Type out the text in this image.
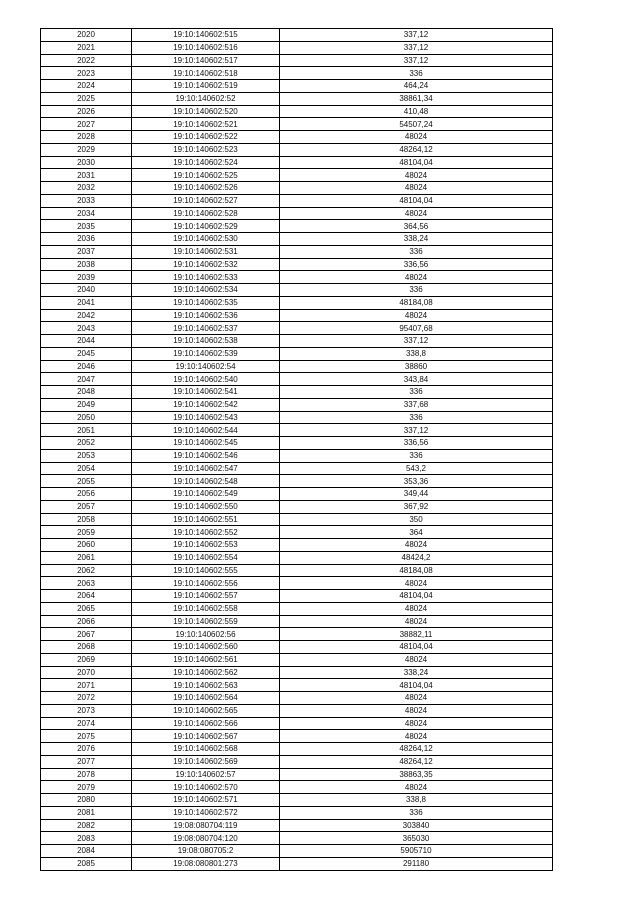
2020	19:10:140602:515	337,12
2021	19:10:140602:516	337,12
2022	19:10:140602:517	337,12
2023	19:10:140602:518	336
2024	19:10:140602:519	464,24
2025	19:10:140602:52	38861,34
2026	19:10:140602:520	410,48
2027	19:10:140602:521	54507,24
2028	19:10:140602:522	48024
2029	19:10:140602:523	48264,12
2030	19:10:140602:524	48104,04
2031	19:10:140602:525	48024
2032	19:10:140602:526	48024
2033	19:10:140602:527	48104,04
2034	19:10:140602:528	48024
2035	19:10:140602:529	364,56
2036	19:10:140602:530	338,24
2037	19:10:140602:531	336
2038	19:10:140602:532	336,56
2039	19:10:140602:533	48024
2040	19:10:140602:534	336
2041	19:10:140602:535	48184,08
2042	19:10:140602:536	48024
2043	19:10:140602:537	95407,68
2044	19:10:140602:538	337,12
2045	19:10:140602:539	338,8
2046	19:10:140602:54	38860
2047	19:10:140602:540	343,84
2048	19:10:140602:541	336
2049	19:10:140602:542	337,68
2050	19:10:140602:543	336
2051	19:10:140602:544	337,12
2052	19:10:140602:545	336,56
2053	19:10:140602:546	336
2054	19:10:140602:547	543,2
2055	19:10:140602:548	353,36
2056	19:10:140602:549	349,44
2057	19:10:140602:550	367,92
2058	19:10:140602:551	350
2059	19:10:140602:552	364
2060	19:10:140602:553	48024
2061	19:10:140602:554	48424,2
2062	19:10:140602:555	48184,08
2063	19:10:140602:556	48024
2064	19:10:140602:557	48104,04
2065	19:10:140602:558	48024
2066	19:10:140602:559	48024
2067	19:10:140602:56	38882,11
2068	19:10:140602:560	48104,04
2069	19:10:140602:561	48024
2070	19:10:140602:562	338,24
2071	19:10:140602:563	48104,04
2072	19:10:140602:564	48024
2073	19:10:140602:565	48024
2074	19:10:140602:566	48024
2075	19:10:140602:567	48024
2076	19:10:140602:568	48264,12
2077	19:10:140602:569	48264,12
2078	19:10:140602:57	38863,35
2079	19:10:140602:570	48024
2080	19:10:140602:571	338,8
2081	19:10:140602:572	336
2082	19:08:080704:119	303840
2083	19:08:080704:120	365030
2084	19:08:080705:2	5905710
2085	19:08:080801:273	291180
